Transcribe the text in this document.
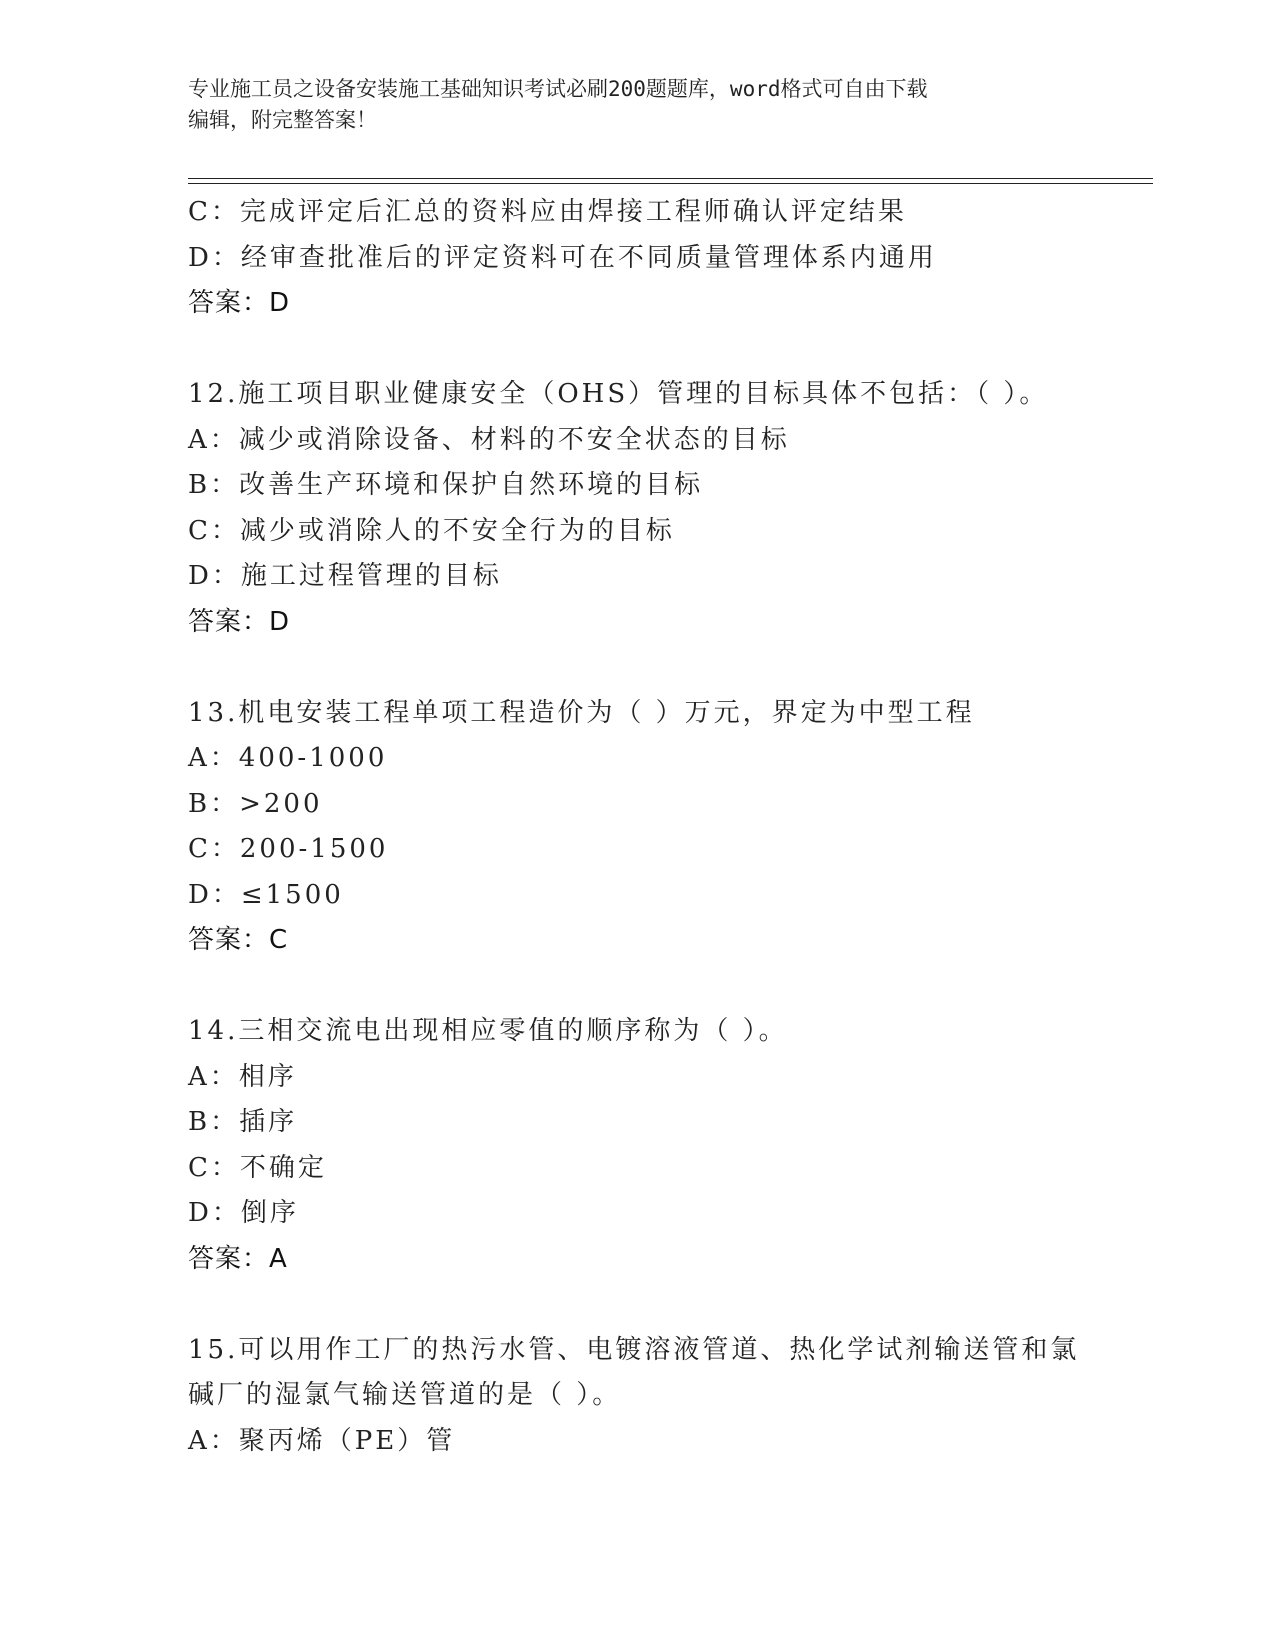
专业施工员之设备安装施工基础知识考试必刷200题题库，word格式可自由下载
编辑，附完整答案！
C：完成评定后汇总的资料应由焊接工程师确认评定结果
D：经审查批准后的评定资料可在不同质量管理体系内通用
答案：D
12.施工项目职业健康安全（OHS）管理的目标具体不包括：（ ）。
A：减少或消除设备、材料的不安全状态的目标
B：改善生产环境和保护自然环境的目标
C：减少或消除人的不安全行为的目标
D：施工过程管理的目标
答案：D
13.机电安装工程单项工程造价为（ ）万元，界定为中型工程
A：400-1000
B：>200
C：200-1500
D：≤1500
答案：C
14.三相交流电出现相应零值的顺序称为（ ）。
A：相序
B：插序
C：不确定
D：倒序
答案：A
15.可以用作工厂的热污水管、电镀溶液管道、热化学试剂输送管和氯
碱厂的湿氯气输送管道的是（ ）。
A：聚丙烯（PE）管
